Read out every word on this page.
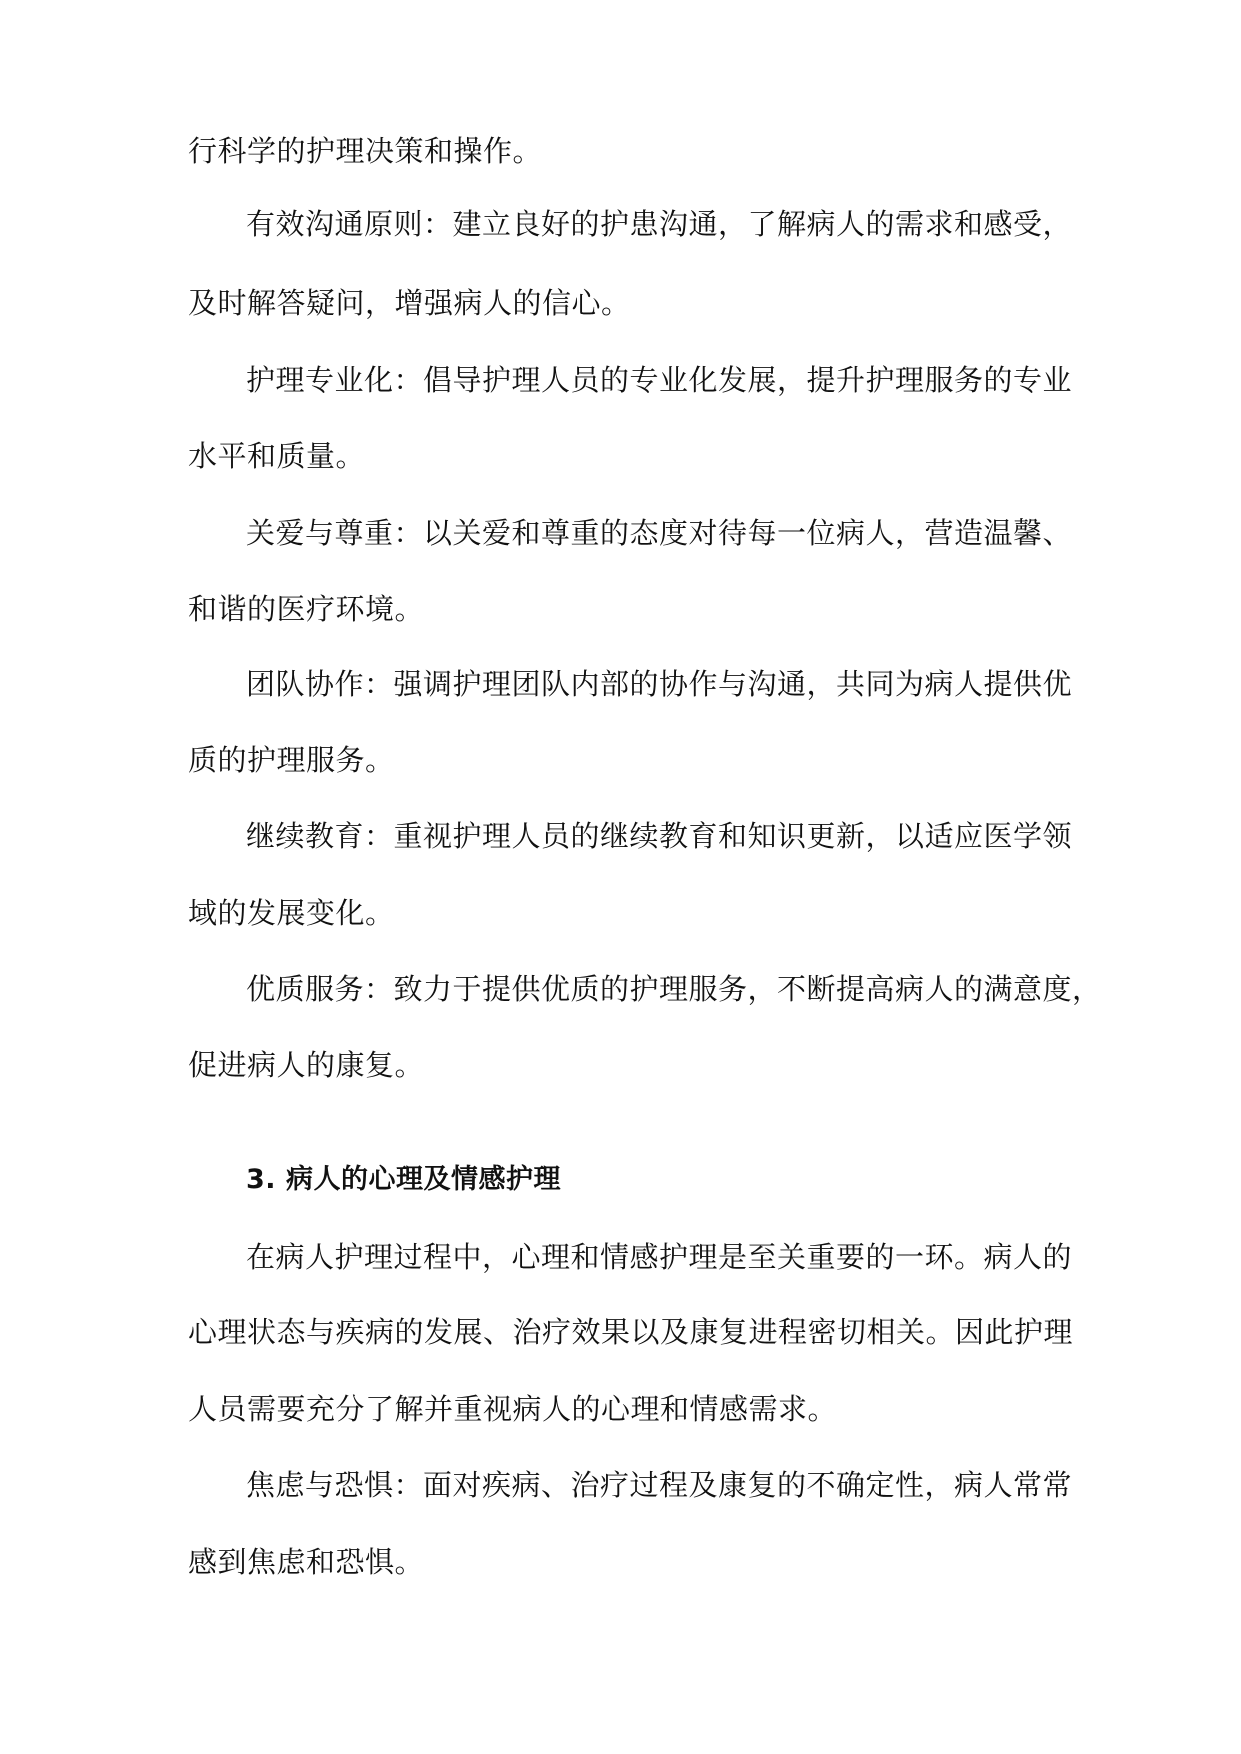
行科学的护理决策和操作。
有效沟通原则：建立良好的护患沟通，了解病人的需求和感受，
及时解答疑问，增强病人的信心。
护理专业化：倡导护理人员的专业化发展，提升护理服务的专业
水平和质量。
关爱与尊重：以关爱和尊重的态度对待每一位病人，营造温馨、
和谐的医疗环境。
团队协作：强调护理团队内部的协作与沟通，共同为病人提供优
质的护理服务。
继续教育：重视护理人员的继续教育和知识更新，以适应医学领
域的发展变化。
优质服务：致力于提供优质的护理服务，不断提高病人的满意度，
促进病人的康复。
3. 病人的心理及情感护理
在病人护理过程中，心理和情感护理是至关重要的一环。病人的
心理状态与疾病的发展、治疗效果以及康复进程密切相关。因此护理
人员需要充分了解并重视病人的心理和情感需求。
焦虑与恐惧：面对疾病、治疗过程及康复的不确定性，病人常常
感到焦虑和恐惧。
